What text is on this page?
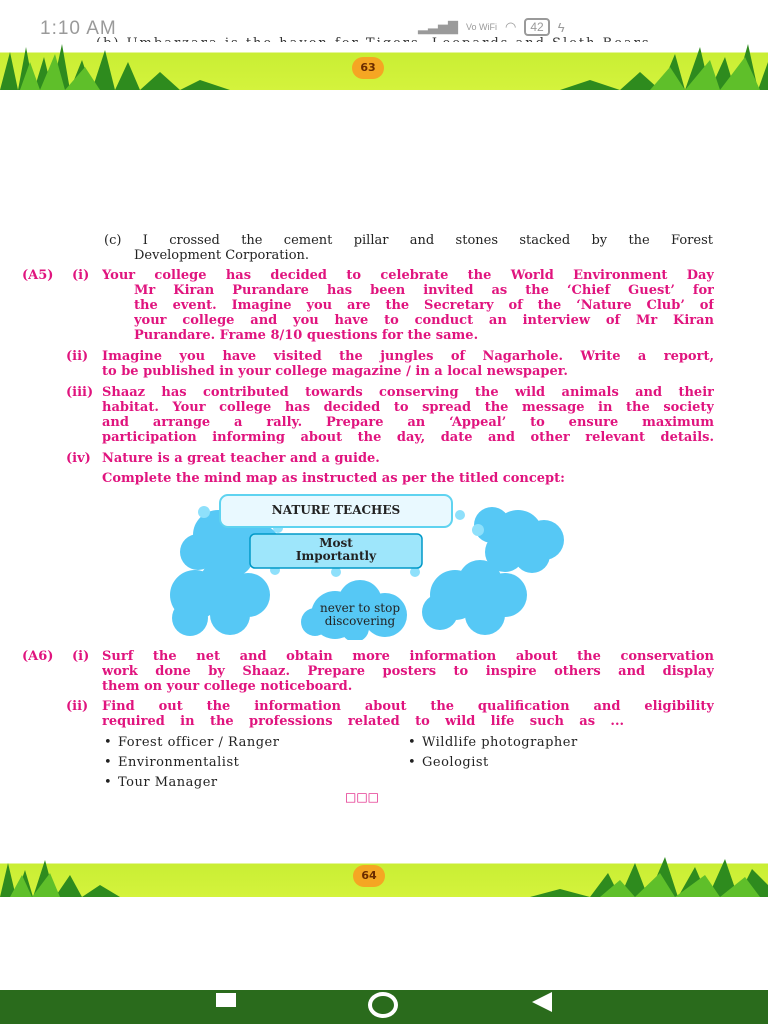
1:10 AM	▂▃▅▇ Vo WiFi ◠	42	ϟ
63
(c) I crossed the cement pillar and stones stacked by the Forest
Development Corporation.
(A5) (i) Your college has decided to celebrate the World Environment Day
Mr Kiran Purandare has been invited as the ‘Chief Guest’ for
the event. Imagine you are the Secretary of the ‘Nature Club’ of
your college and you have to conduct an interview of Mr Kiran
Purandare. Frame 8/10 questions for the same.
(ii) Imagine you have visited the jungles of Nagarhole. Write a report,
to be published in your college magazine / in a local newspaper.
(iii) Shaaz has contributed towards conserving the wild animals and their
habitat. Your college has decided to spread the message in the society
and arrange a rally. Prepare an ‘Appeal’ to ensure maximum
participation informing about the day, date and other relevant details.
(iv) Nature is a great teacher and a guide.
Complete the mind map as instructed as per the titled concept:
NATURE TEACHES
Most
Importantly
never to stop
discovering
(A6) (i) Surf the net and obtain more information about the conservation
work done by Shaaz. Prepare posters to inspire others and display
them on your college noticeboard.
(ii) Find out the information about the qualification and eligibility
required in the professions related to wild life such as ...
• Forest officer / Ranger
• Environmentalist
• Tour Manager
• Wildlife photographer
• Geologist
□□□
64
